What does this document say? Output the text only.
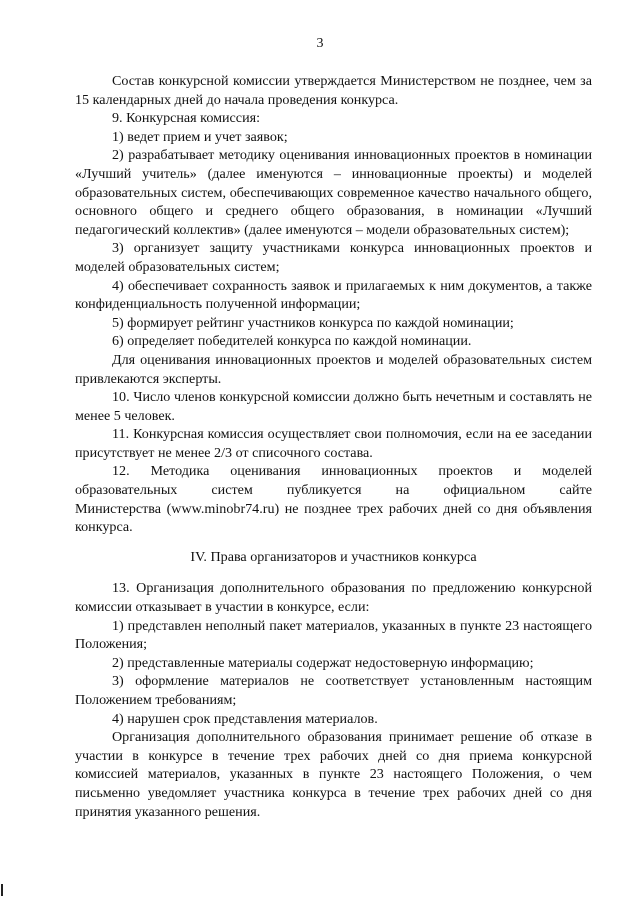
3

Состав конкурсной комиссии утверждается Министерством не позднее, чем за 15 календарных дней до начала проведения конкурса.

9. Конкурсная комиссия:

1) ведет прием и учет заявок;

2) разрабатывает методику оценивания инновационных проектов в номинации «Лучший учитель» (далее именуются – инновационные проекты) и моделей образовательных систем, обеспечивающих современное качество начального общего, основного общего и среднего общего образования, в номинации «Лучший педагогический коллектив» (далее именуются – модели образовательных систем);

3) организует защиту участниками конкурса инновационных проектов и моделей образовательных систем;

4) обеспечивает сохранность заявок и прилагаемых к ним документов, а также конфиденциальность полученной информации;

5) формирует рейтинг участников конкурса по каждой номинации;

6) определяет победителей конкурса по каждой номинации.

Для оценивания инновационных проектов и моделей образовательных систем привлекаются эксперты.

10. Число членов конкурсной комиссии должно быть нечетным и составлять не менее 5 человек.

11. Конкурсная комиссия осуществляет свои полномочия, если на ее заседании присутствует не менее 2/3 от списочного состава.

12. Методика оценивания инновационных проектов и моделей

образовательных систем публикуется на официальном сайте

Министерства (www.minobr74.ru) не позднее трех рабочих дней со дня объявления конкурса.

IV. Права организаторов и участников конкурса

13. Организация дополнительного образования по предложению конкурсной комиссии отказывает в участии в конкурсе, если:

1) представлен неполный пакет материалов, указанных в пункте 23 настоящего Положения;

2) представленные материалы содержат недостоверную информацию;

3) оформление материалов не соответствует установленным настоящим Положением требованиям;

4) нарушен срок представления материалов.

Организация дополнительного образования принимает решение об отказе в участии в конкурсе в течение трех рабочих дней со дня приема конкурсной комиссией материалов, указанных в пункте 23 настоящего Положения, о чем письменно уведомляет участника конкурса в течение трех рабочих дней со дня принятия указанного решения.
